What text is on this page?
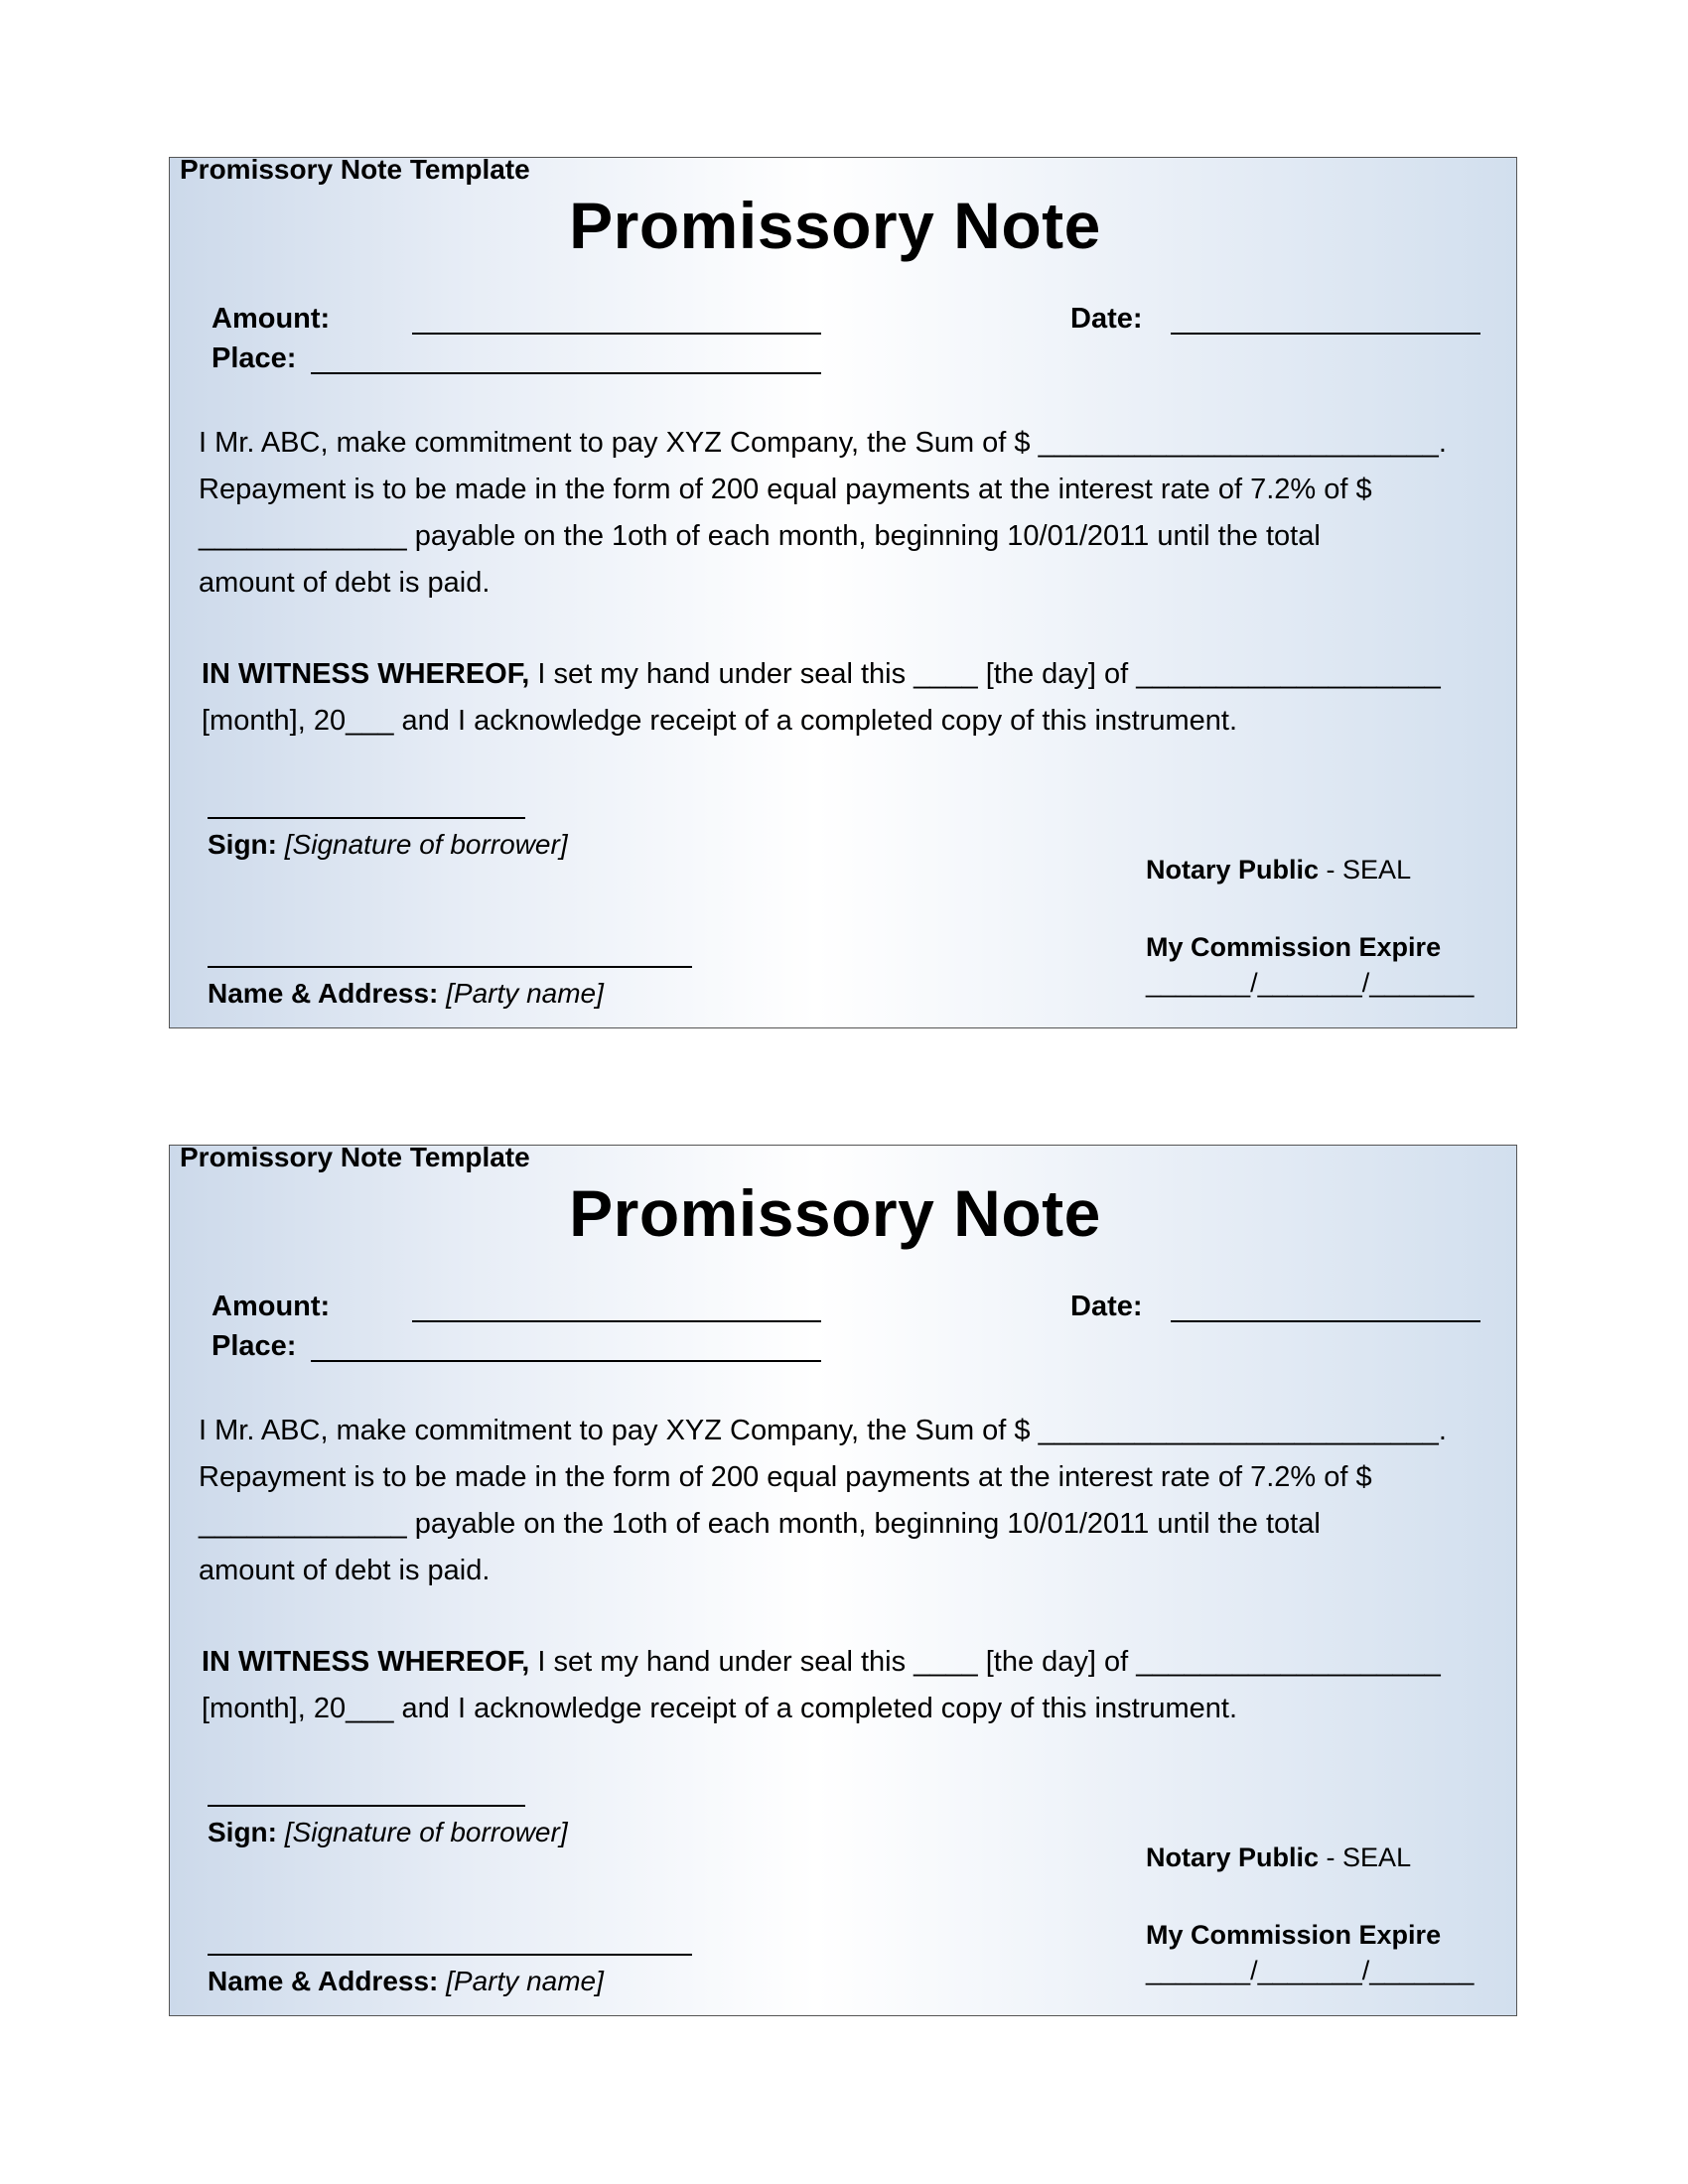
Promissory Note Template
Promissory Note
Amount:	Date:
Place:
I Mr. ABC, make commitment to pay XYZ Company, the Sum of $ _________________________.
Repayment is to be made in the form of 200 equal payments at the interest rate of 7.2% of $
_____________ payable on the 1oth of each month, beginning 10/01/2011 until the total
amount of debt is paid.
IN WITNESS WHEREOF, I set my hand under seal this ____ [the day] of ___________________
[month], 20___ and I acknowledge receipt of a completed copy of this instrument.
Sign: [Signature of borrower]
Name & Address: [Party name]
Notary Public - SEAL
My Commission Expire
_______/_______/_______
Promissory Note Template
Promissory Note
Amount:	Date:
Place:
I Mr. ABC, make commitment to pay XYZ Company, the Sum of $ _________________________.
Repayment is to be made in the form of 200 equal payments at the interest rate of 7.2% of $
_____________ payable on the 1oth of each month, beginning 10/01/2011 until the total
amount of debt is paid.
IN WITNESS WHEREOF, I set my hand under seal this ____ [the day] of ___________________
[month], 20___ and I acknowledge receipt of a completed copy of this instrument.
Sign: [Signature of borrower]
Name & Address: [Party name]
Notary Public - SEAL
My Commission Expire
_______/_______/_______
